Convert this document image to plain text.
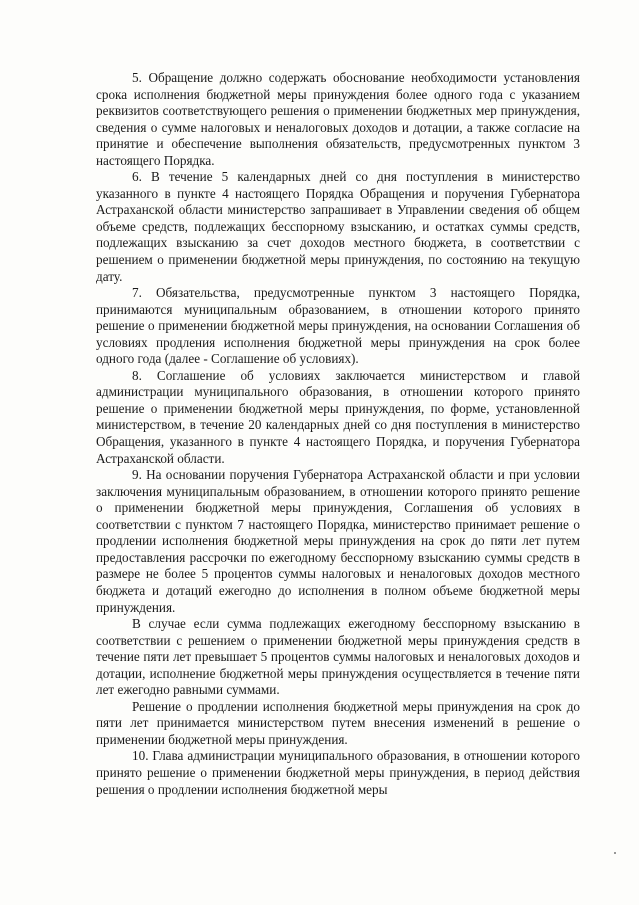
5. Обращение должно содержать обоснование необходимости установления срока исполнения бюджетной меры принуждения более одного года с указанием реквизитов соответствующего решения о применении бюджетных мер принуждения, сведения о сумме налоговых и неналоговых доходов и дотации, а также согласие на принятие и обеспечение выполнения обязательств, предусмотренных пунктом 3 настоящего Порядка.

6. В течение 5 календарных дней со дня поступления в министерство указанного в пункте 4 настоящего Порядка Обращения и поручения Губернатора Астраханской области министерство запрашивает в Управлении сведения об общем объеме средств, подлежащих бесспорному взысканию, и остатках суммы средств, подлежащих взысканию за счет доходов местного бюджета, в соответствии с решением о применении бюджетной меры принуждения, по состоянию на текущую дату.

7. Обязательства, предусмотренные пунктом 3 настоящего Порядка, принимаются муниципальным образованием, в отношении которого принято решение о применении бюджетной меры принуждения, на основании Соглашения об условиях продления исполнения бюджетной меры принуждения на срок более одного года (далее - Соглашение об условиях).

8. Соглашение об условиях заключается министерством и главой администрации муниципального образования, в отношении которого принято решение о применении бюджетной меры принуждения, по форме, установленной министерством, в течение 20 календарных дней со дня поступления в министерство Обращения, указанного в пункте 4 настоящего Порядка, и поручения Губернатора Астраханской области.

9. На основании поручения Губернатора Астраханской области и при условии заключения муниципальным образованием, в отношении которого принято решение о применении бюджетной меры принуждения, Соглашения об условиях в соответствии с пунктом 7 настоящего Порядка, министерство принимает решение о продлении исполнения бюджетной меры принуждения на срок до пяти лет путем предоставления рассрочки по ежегодному бесспорному взысканию суммы средств в размере не более 5 процентов суммы налоговых и неналоговых доходов местного бюджета и дотаций ежегодно до исполнения в полном объеме бюджетной меры принуждения.

В случае если сумма подлежащих ежегодному бесспорному взысканию в соответствии с решением о применении бюджетной меры принуждения средств в течение пяти лет превышает 5 процентов суммы налоговых и неналоговых доходов и дотации, исполнение бюджетной меры принуждения осуществляется в течение пяти лет ежегодно равными суммами.

Решение о продлении исполнения бюджетной меры принуждения на срок до пяти лет принимается министерством путем внесения изменений в решение о применении бюджетной меры принуждения.

10. Глава администрации муниципального образования, в отношении которого принято решение о применении бюджетной меры принуждения, в период действия решения о продлении исполнения бюджетной меры
